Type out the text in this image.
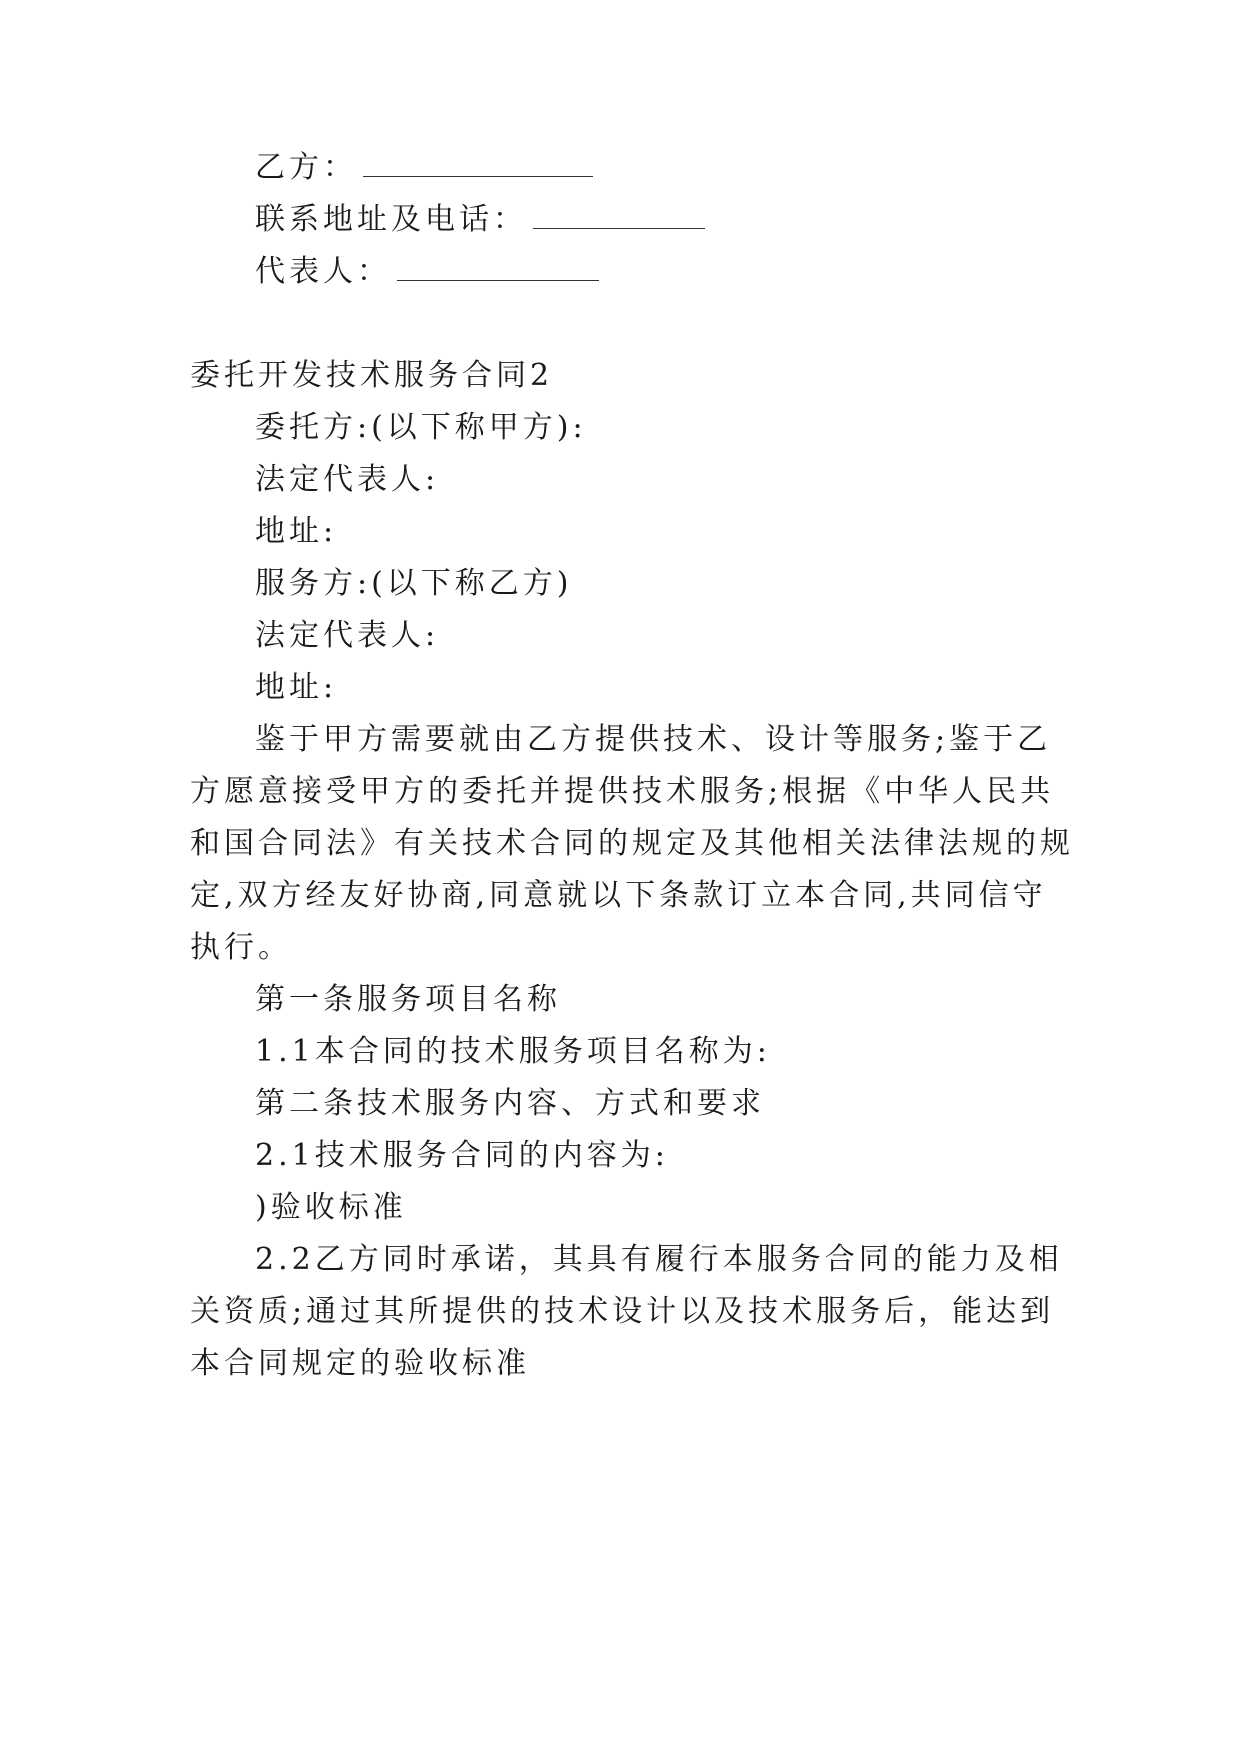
乙方：
联系地址及电话：
代表人：
委托开发技术服务合同2
委托方:(以下称甲方):
法定代表人:
地址:
服务方:(以下称乙方)
法定代表人:
地址:
鉴于甲方需要就由乙方提供技术、设计等服务;鉴于乙
方愿意接受甲方的委托并提供技术服务;根据《中华人民共
和国合同法》有关技术合同的规定及其他相关法律法规的规
定,双方经友好协商,同意就以下条款订立本合同,共同信守
执行。
第一条服务项目名称
1.1本合同的技术服务项目名称为:
第二条技术服务内容、方式和要求
2.1技术服务合同的内容为:
)验收标准
2.2乙方同时承诺，其具有履行本服务合同的能力及相
关资质;通过其所提供的技术设计以及技术服务后，能达到
本合同规定的验收标准
